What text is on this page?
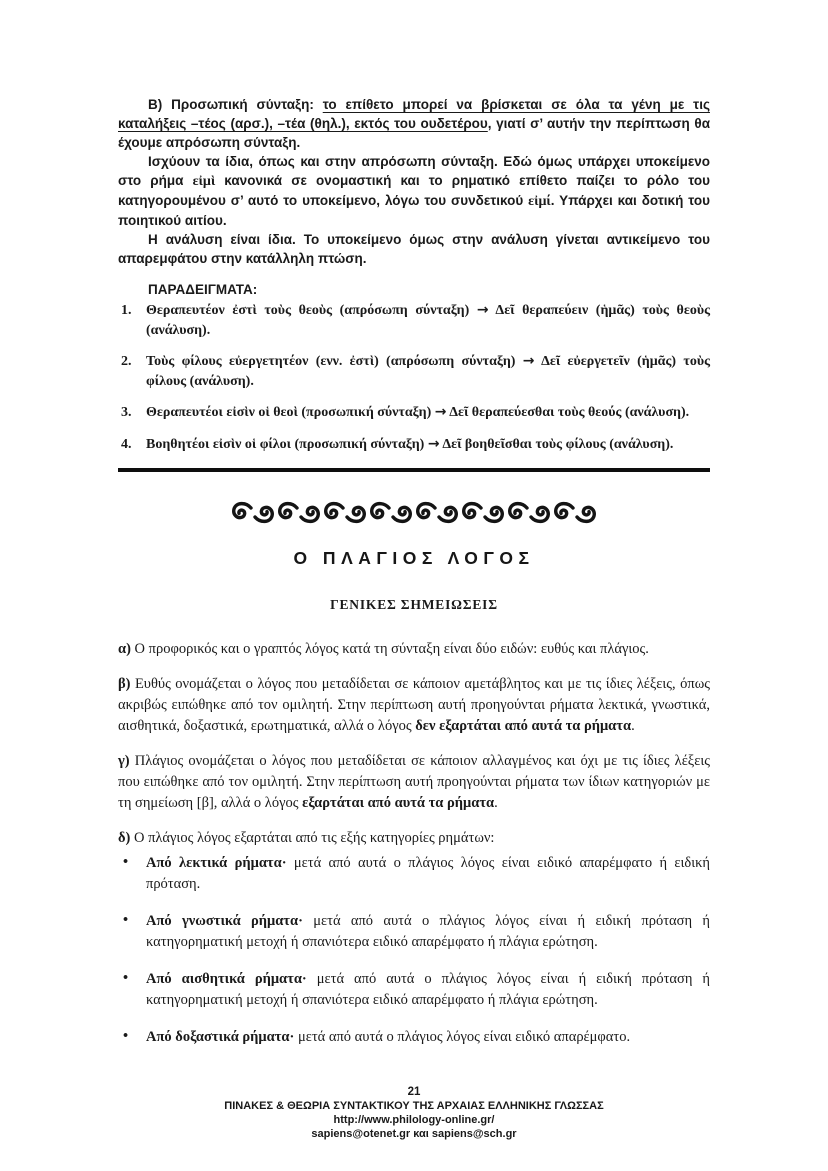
Β) Προσωπική σύνταξη: το επίθετο μπορεί να βρίσκεται σε όλα τα γένη με τις καταλήξεις –τέος (αρσ.), –τέα (θηλ.), εκτός του ουδετέρου, γιατί σ’ αυτήν την περίπτωση θα έχουμε απρόσωπη σύνταξη.

Ισχύουν τα ίδια, όπως και στην απρόσωπη σύνταξη. Εδώ όμως υπάρχει υποκείμενο στο ρήμα εἰμὶ κανονικά σε ονομαστική και το ρηματικό επίθετο παίζει το ρόλο του κατηγορουμένου σ’ αυτό το υποκείμενο, λόγω του συνδετικού εἰμί. Υπάρχει και δοτική του ποιητικού αιτίου.

Η ανάλυση είναι ίδια. Το υποκείμενο όμως στην ανάλυση γίνεται αντικείμενο του απαρεμφάτου στην κατάλληλη πτώση.

ΠΑΡΑΔΕΙΓΜΑΤΑ:

1. Θεραπευτέον ἐστὶ τοὺς θεοὺς (απρόσωπη σύνταξη) → Δεῖ θεραπεύειν (ἡμᾶς) τοὺς θεοὺς (ανάλυση).
2. Τοὺς φίλους εὐεργετητέον (ενν. ἐστὶ) (απρόσωπη σύνταξη) → Δεῖ εὐεργετεῖν (ἡμᾶς) τοὺς φίλους (ανάλυση).
3. Θεραπευτέοι εἰσὶν οἱ θεοὶ (προσωπική σύνταξη) → Δεῖ θεραπεύεσθαι τοὺς θεούς (ανάλυση).
4. Βοηθητέοι εἰσὶν οἱ φίλοι (προσωπική σύνταξη) → Δεῖ βοηθεῖσθαι τοὺς φίλους (ανάλυση).
Ο ΠΛΑΓΙΟΣ ΛΟΓΟΣ
ΓΕΝΙΚΕΣ ΣΗΜΕΙΩΣΕΙΣ

α) Ο προφορικός και ο γραπτός λόγος κατά τη σύνταξη είναι δύο ειδών: ευθύς και πλάγιος.

β) Ευθύς ονομάζεται ο λόγος που μεταδίδεται σε κάποιον αμετάβλητος και με τις ίδιες λέξεις, όπως ακριβώς ειπώθηκε από τον ομιλητή. Στην περίπτωση αυτή προηγούνται ρήματα λεκτικά, γνωστικά, αισθητικά, δοξαστικά, ερωτηματικά, αλλά ο λόγος δεν εξαρτάται από αυτά τα ρήματα.

γ) Πλάγιος ονομάζεται ο λόγος που μεταδίδεται σε κάποιον αλλαγμένος και όχι με τις ίδιες λέξεις που ειπώθηκε από τον ομιλητή. Στην περίπτωση αυτή προηγούνται ρήματα των ίδιων κατηγοριών με τη σημείωση [β], αλλά ο λόγος εξαρτάται από αυτά τα ρήματα.

δ) Ο πλάγιος λόγος εξαρτάται από τις εξής κατηγορίες ρημάτων:

• Από λεκτικά ρήματα· μετά από αυτά ο πλάγιος λόγος είναι ειδικό απαρέμφατο ή ειδική πρόταση.
• Από γνωστικά ρήματα· μετά από αυτά ο πλάγιος λόγος είναι ή ειδική πρόταση ή κατηγορηματική μετοχή ή σπανιότερα ειδικό απαρέμφατο ή πλάγια ερώτηση.
• Από αισθητικά ρήματα· μετά από αυτά ο πλάγιος λόγος είναι ή ειδική πρόταση ή κατηγορηματική μετοχή ή σπανιότερα ειδικό απαρέμφατο ή πλάγια ερώτηση.
• Από δοξαστικά ρήματα· μετά από αυτά ο πλάγιος λόγος είναι ειδικό απαρέμφατο.
21
ΠΙΝΑΚΕΣ & ΘΕΩΡΙΑ ΣΥΝΤΑΚΤΙΚΟΥ ΤΗΣ ΑΡΧΑΙΑΣ ΕΛΛΗΝΙΚΗΣ ΓΛΩΣΣΑΣ
http://www.philology-online.gr/
sapiens@otenet.gr και sapiens@sch.gr
